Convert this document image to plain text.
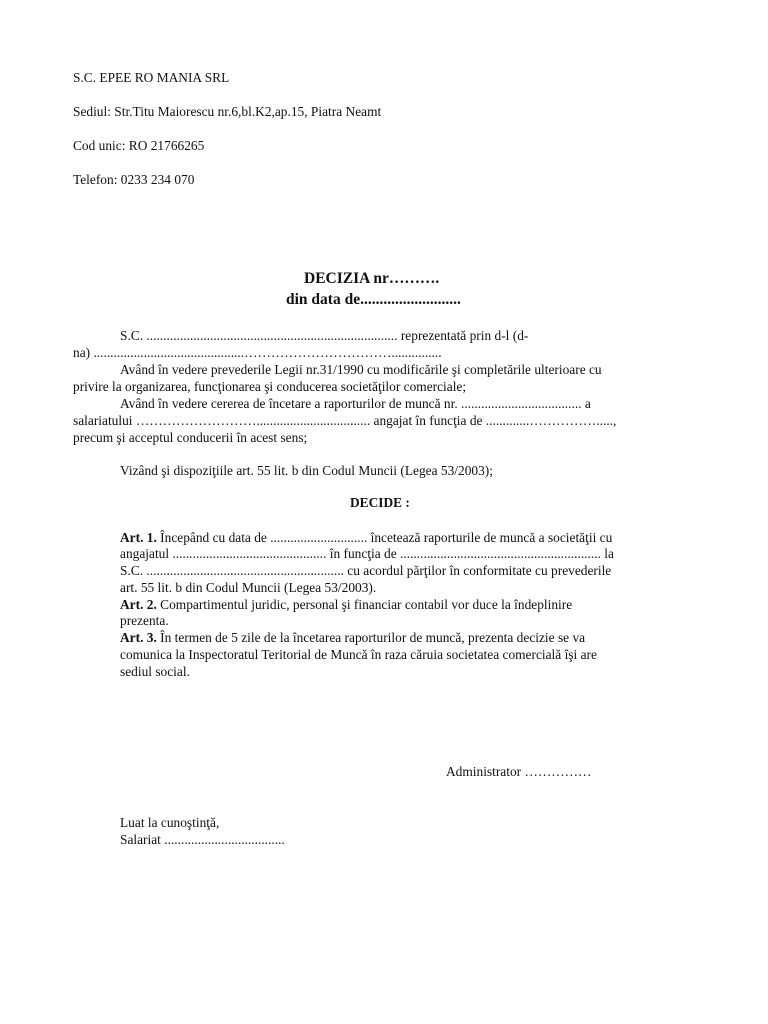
S.C. EPEE RO MANIA SRL
Sediul: Str.Titu Maiorescu nr.6,bl.K2,ap.15, Piatra Neamt
Cod unic: RO 21766265
Telefon: 0233 234 070
DECIZIA nr……….
din data de..........................
S.C. ........................................................................... reprezentată prin d-l (d-
na) .............................................……………………………...............
Având în vedere prevederile Legii nr.31/1990 cu modificările şi completările ulterioare cu
privire la organizarea, funcţionarea şi conducerea societăţilor comerciale;
Având în vedere cererea de încetare a raporturilor de muncă nr. .................................... a
salariatului ……………………….................................. angajat în funcţia de .............…………….....,
precum şi acceptul conducerii în acest sens;
Vizând şi dispoziţiile art. 55 lit. b din Codul Muncii (Legea 53/2003);
DECIDE :
Art. 1. Începând cu data de ............................. încetează raporturile de muncă a societăţii cu
angajatul .............................................. în funcţia de ............................................................ la
S.C. ........................................................... cu acordul părţilor în conformitate cu prevederile
art. 55 lit. b din Codul Muncii (Legea 53/2003).
Art. 2. Compartimentul juridic, personal şi financiar contabil vor duce la îndeplinire
prezenta.
Art. 3. În termen de 5 zile de la încetarea raporturilor de muncă, prezenta decizie se va
comunica la Inspectoratul Teritorial de Muncă în raza căruia societatea comercială îşi are
sediul social.
Administrator ……………
Luat la cunoştinţă,
Salariat ....................................
